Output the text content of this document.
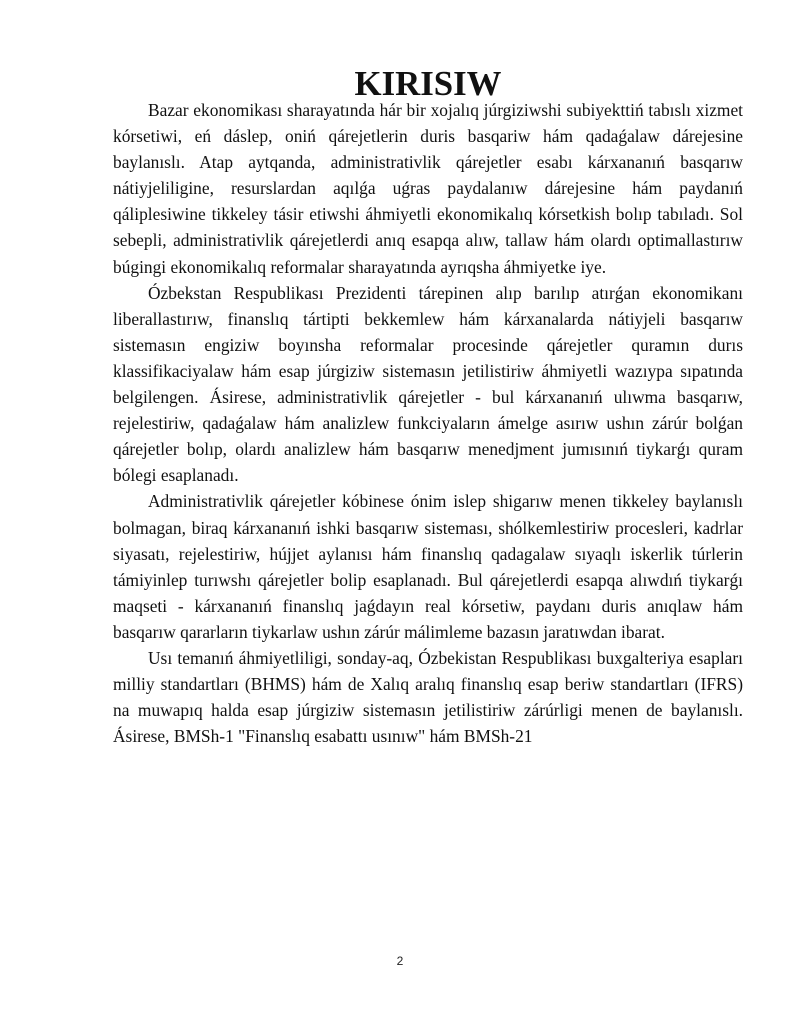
KIRISIW

Bazar ekonomikası sharayatında hár bir xojalıq júrgiziwshi subiyekttiń tabıslı xizmet kórsetiwi, eń dáslep, oniń qárejetlerin duris basqariw hám qadaǵalaw dárejesine baylanıslı. Atap aytqanda, administrativlik qárejetler esabı kárxananıń basqarıw nátiyjeliligine, resurslardan aqılǵa uǵras paydalanıw dárejesine hám paydanıń qáliplesiwine tikkeley tásir etiwshi áhmiyetli ekonomikalıq kórsetkish bolıp tabıladı. Sol sebepli, administrativlik qárejetlerdi anıq esapqa alıw, tallaw hám olardı optimallastırıw búgingi ekonomikalıq reformalar sharayatında ayrıqsha áhmiyetke iye.

Ózbekstan Respublikası Prezidenti tárepinen alıp barılıp atırǵan ekonomikanı liberallastırıw, finanslıq tártipti bekkemlew hám kárxanalarda nátiyjeli basqarıw sistemasın engiziw boyınsha reformalar procesinde qárejetler quramın durıs klassifikaciyalaw hám esap júrgiziw sistemasın jetilistiriw áhmiyetli wazıypa sıpatında belgilengen. Ásirese, administrativlik qárejetler - bul kárxananıń ulıwma basqarıw, rejelestiriw, qadaǵalaw hám analizlew funkciyaların ámelge asırıw ushın zárúr bolǵan qárejetler bolıp, olardı analizlew hám basqarıw menedjment jumısınıń tiykarǵı quram bólegi esaplanadı.

Administrativlik qárejetler kóbinese ónim islep shigarıw menen tikkeley baylanıslı bolmagan, biraq kárxananıń ishki basqarıw sisteması, shólkemlestiriw procesleri, kadrlar siyasatı, rejelestiriw, hújjet aylanısı hám finanslıq qadagalaw sıyaqlı iskerlik túrlerin támiyinlep turıwshı qárejetler bolip esaplanadı. Bul qárejetlerdi esapqa alıwdıń tiykarǵı maqseti - kárxananıń finanslıq jaǵdayın real kórsetiw, paydanı duris anıqlaw hám basqarıw qararların tiykarlaw ushın zárúr málimleme bazasın jaratıwdan ibarat.

Usı temanıń áhmiyetliligi, sonday-aq, Ózbekistan Respublikası buxgalteriya esapları milliy standartları (BHMS) hám de Xalıq aralıq finanslıq esap beriw standartları (IFRS) na muwapıq halda esap júrgiziw sistemasın jetilistiriw zárúrligi menen de baylanıslı. Ásirese, BMSh-1 "Finanslıq esabattı usınıw" hám BMSh-21

2
